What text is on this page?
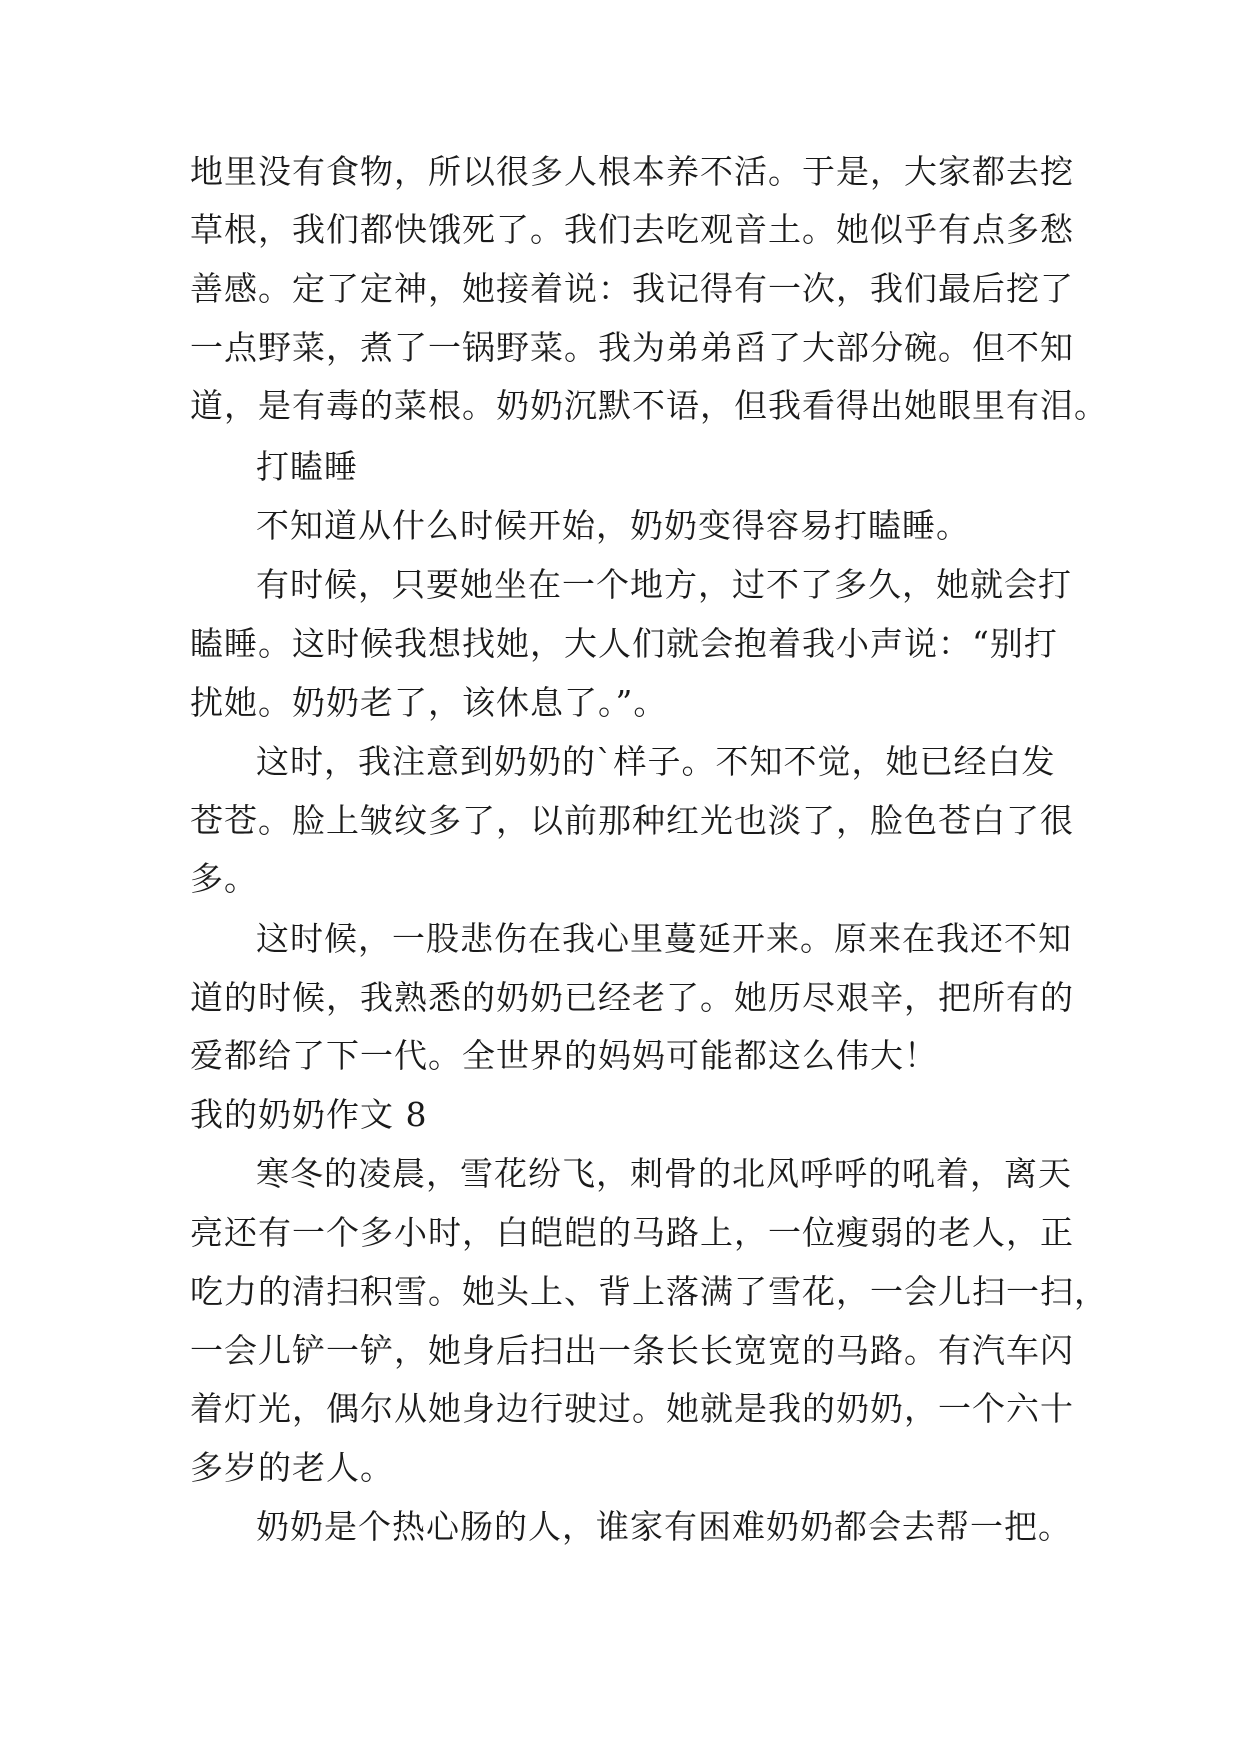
地里没有食物，所以很多人根本养不活。于是，大家都去挖
草根，我们都快饿死了。我们去吃观音土。她似乎有点多愁
善感。定了定神，她接着说：我记得有一次，我们最后挖了
一点野菜，煮了一锅野菜。我为弟弟舀了大部分碗。但不知
道，是有毒的菜根。奶奶沉默不语，但我看得出她眼里有泪。
打瞌睡
不知道从什么时候开始，奶奶变得容易打瞌睡。
有时候，只要她坐在一个地方，过不了多久，她就会打
瞌睡。这时候我想找她，大人们就会抱着我小声说：“别打
扰她。奶奶老了，该休息了。”。
这时，我注意到奶奶的`样子。不知不觉，她已经白发
苍苍。脸上皱纹多了，以前那种红光也淡了，脸色苍白了很
多。
这时候，一股悲伤在我心里蔓延开来。原来在我还不知
道的时候，我熟悉的奶奶已经老了。她历尽艰辛，把所有的
爱都给了下一代。全世界的妈妈可能都这么伟大！
我的奶奶作文 8
寒冬的凌晨，雪花纷飞，刺骨的北风呼呼的吼着，离天
亮还有一个多小时，白皑皑的马路上，一位瘦弱的老人，正
吃力的清扫积雪。她头上、背上落满了雪花，一会儿扫一扫，
一会儿铲一铲，她身后扫出一条长长宽宽的马路。有汽车闪
着灯光，偶尔从她身边行驶过。她就是我的奶奶，一个六十
多岁的老人。
奶奶是个热心肠的人，谁家有困难奶奶都会去帮一把。
